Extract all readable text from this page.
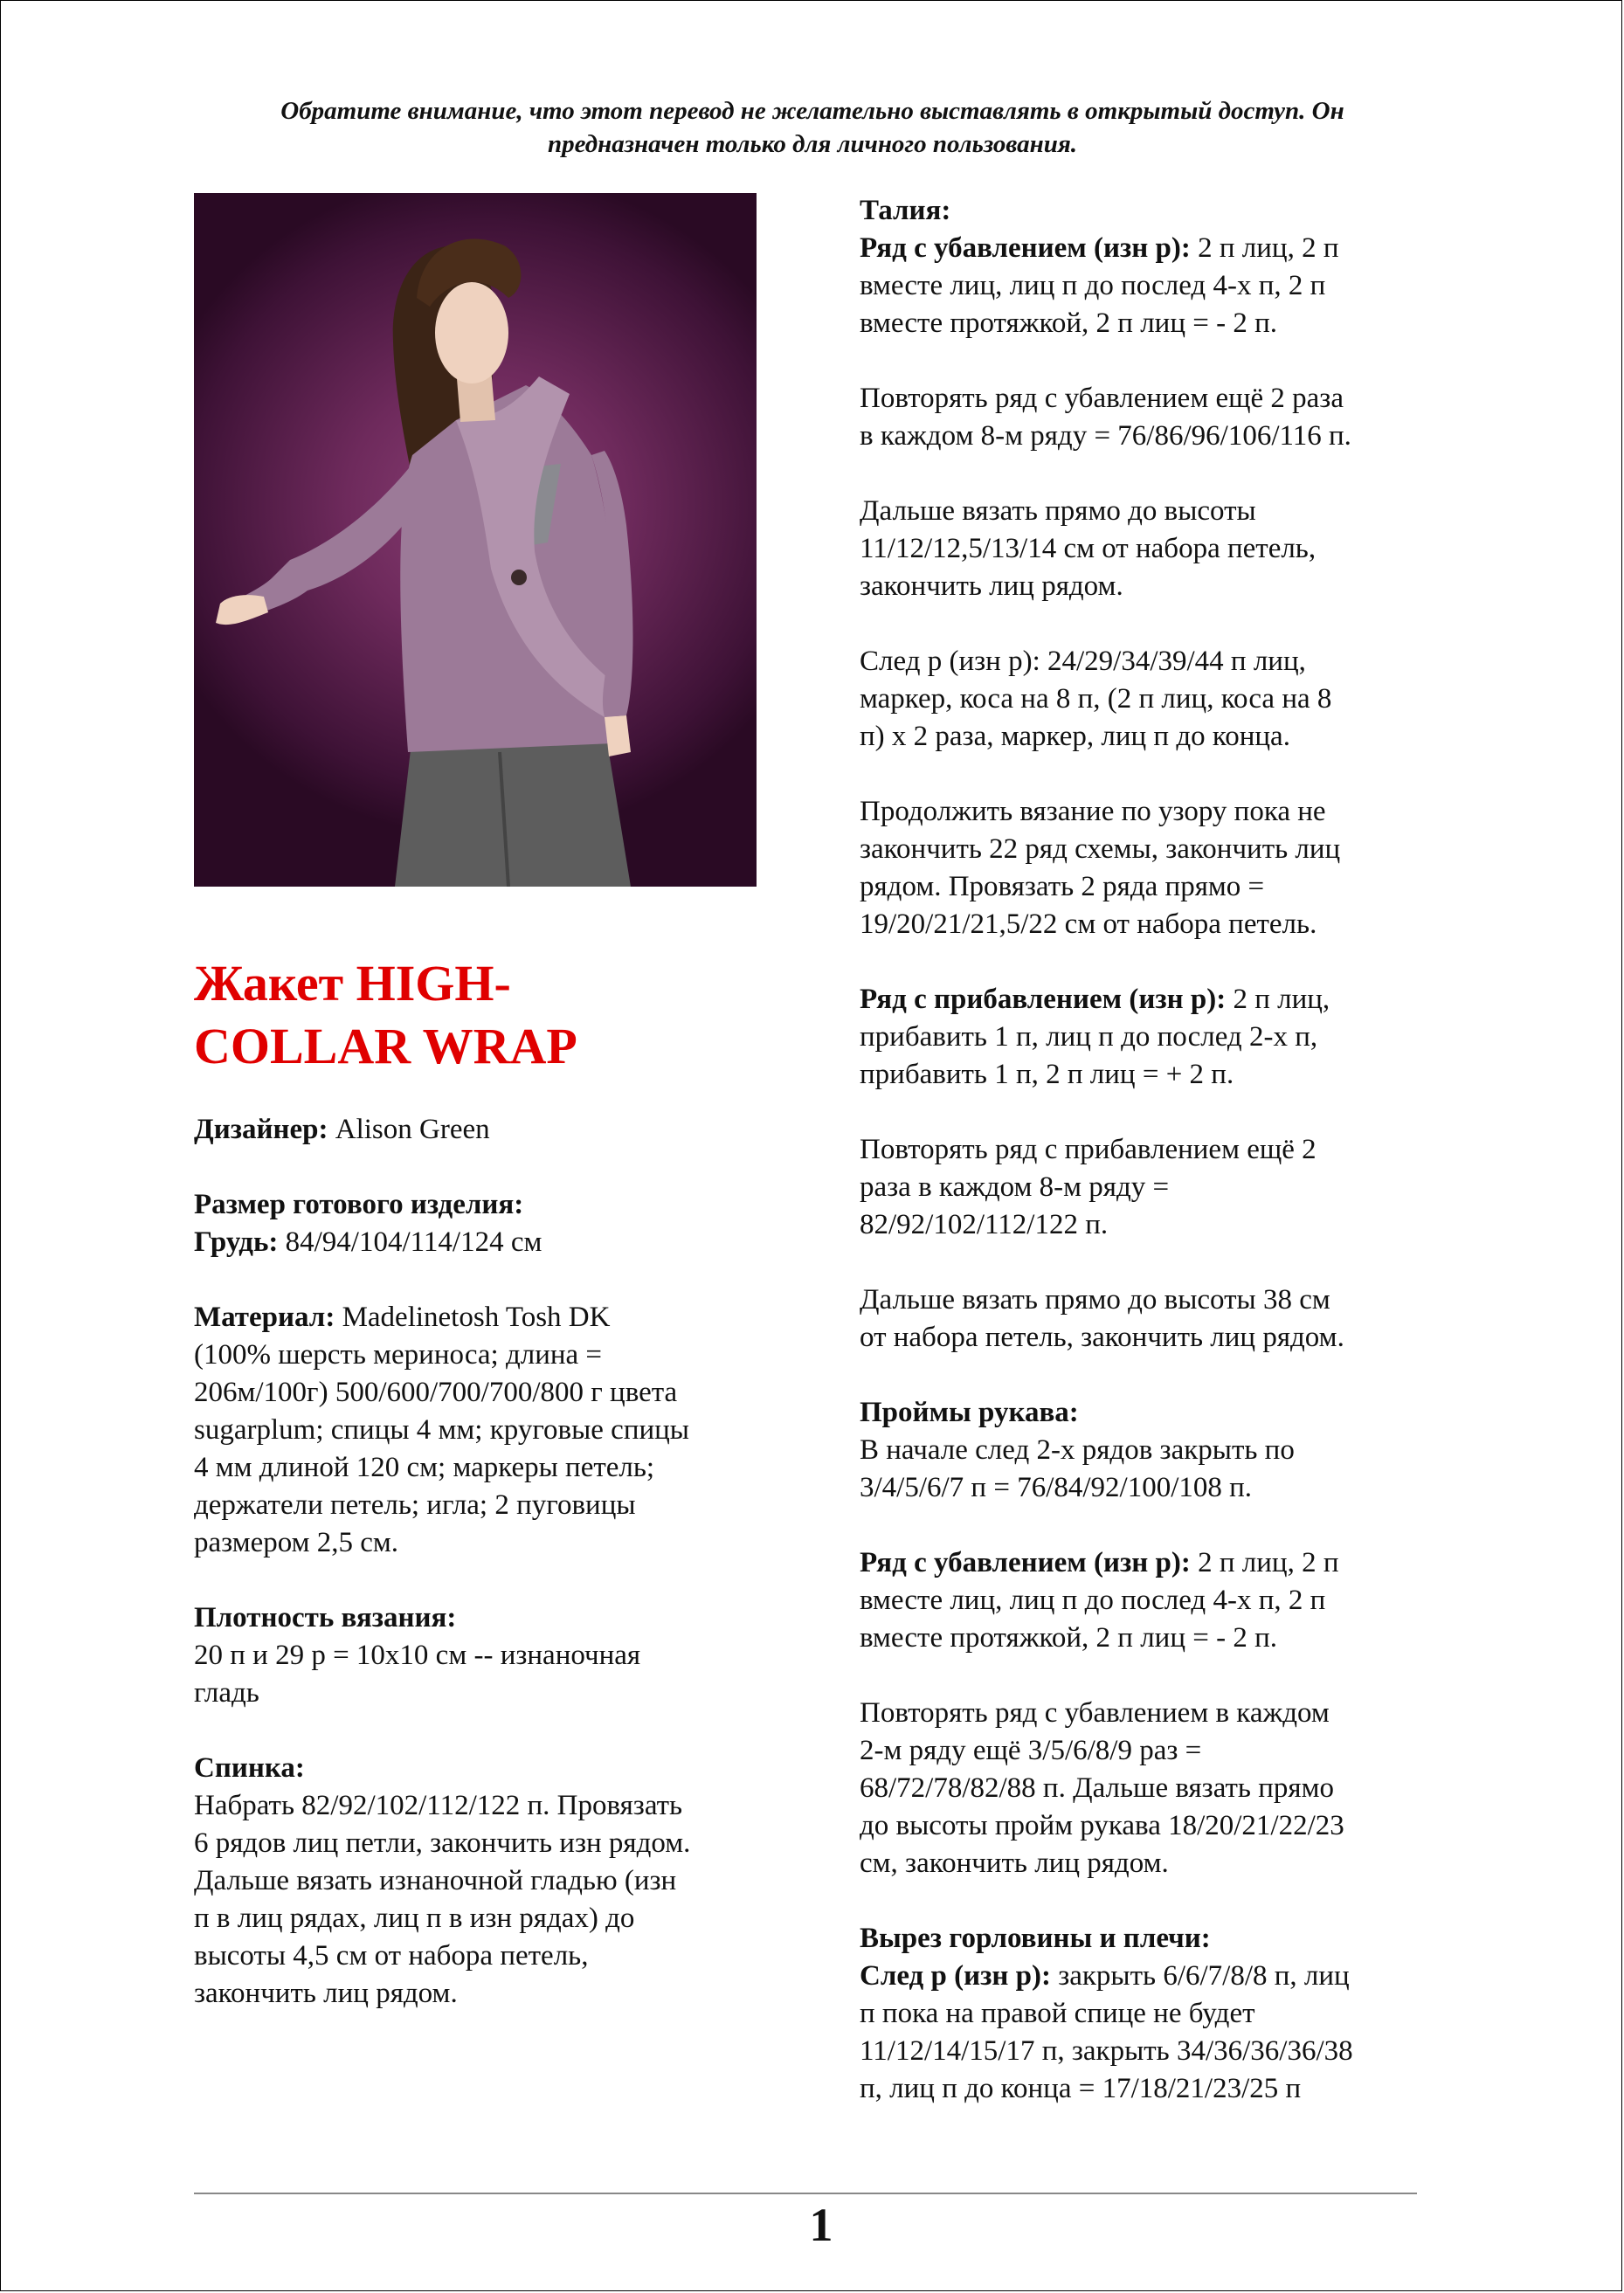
Обратите внимание, что этот перевод не желательно выставлять в открытый доступ. Он
предназначен только для личного пользования.
Жакет HIGH-
COLLAR WRAP
Дизайнер: Alison Green
Размер готового изделия:
Грудь: 84/94/104/114/124 см
Материал: Madelinetosh Tosh DK
(100% шерсть мериноса; длина =
206м/100г) 500/600/700/700/800 г цвета
sugarplum; спицы 4 мм; круговые спицы
4 мм длиной 120 см; маркеры петель;
держатели петель; игла; 2 пуговицы
размером 2,5 см.
Плотность вязания:
20 п и 29 р = 10x10 см -- изнаночная
гладь
Спинка:
Набрать 82/92/102/112/122 п. Провязать
6 рядов лиц петли, закончить изн рядом.
Дальше вязать изнаночной гладью (изн
п в лиц рядах, лиц п в изн рядах) до
высоты 4,5 см от набора петель,
закончить лиц рядом.
Талия:
Ряд с убавлением (изн р): 2 п лиц, 2 п
вместе лиц, лиц п до послед 4-х п, 2 п
вместе протяжкой, 2 п лиц = - 2 п.
Повторять ряд с убавлением ещё 2 раза
в каждом 8-м ряду = 76/86/96/106/116 п.
Дальше вязать прямо до высоты
11/12/12,5/13/14 см от набора петель,
закончить лиц рядом.
След р (изн р): 24/29/34/39/44 п лиц,
маркер, коса на 8 п, (2 п лиц, коса на 8
п) х 2 раза, маркер, лиц п до конца.
Продолжить вязание по узору пока не
закончить 22 ряд схемы, закончить лиц
рядом. Провязать 2 ряда прямо =
19/20/21/21,5/22 см от набора петель.
Ряд с прибавлением (изн р): 2 п лиц,
прибавить 1 п, лиц п до послед 2-х п,
прибавить 1 п, 2 п лиц = + 2 п.
Повторять ряд с прибавлением ещё 2
раза в каждом 8-м ряду =
82/92/102/112/122 п.
Дальше вязать прямо до высоты 38 см
от набора петель, закончить лиц рядом.
Проймы рукава:
В начале след 2-х рядов закрыть по
3/4/5/6/7 п = 76/84/92/100/108 п.
Ряд с убавлением (изн р): 2 п лиц, 2 п
вместе лиц, лиц п до послед 4-х п, 2 п
вместе протяжкой, 2 п лиц = - 2 п.
Повторять ряд с убавлением в каждом
2-м ряду ещё 3/5/6/8/9 раз =
68/72/78/82/88 п. Дальше вязать прямо
до высоты пройм рукава 18/20/21/22/23
см, закончить лиц рядом.
Вырез горловины и плечи:
След р (изн р): закрыть 6/6/7/8/8 п, лиц
п пока на правой спице не будет
11/12/14/15/17 п, закрыть 34/36/36/36/38
п, лиц п до конца = 17/18/21/23/25 п
1
